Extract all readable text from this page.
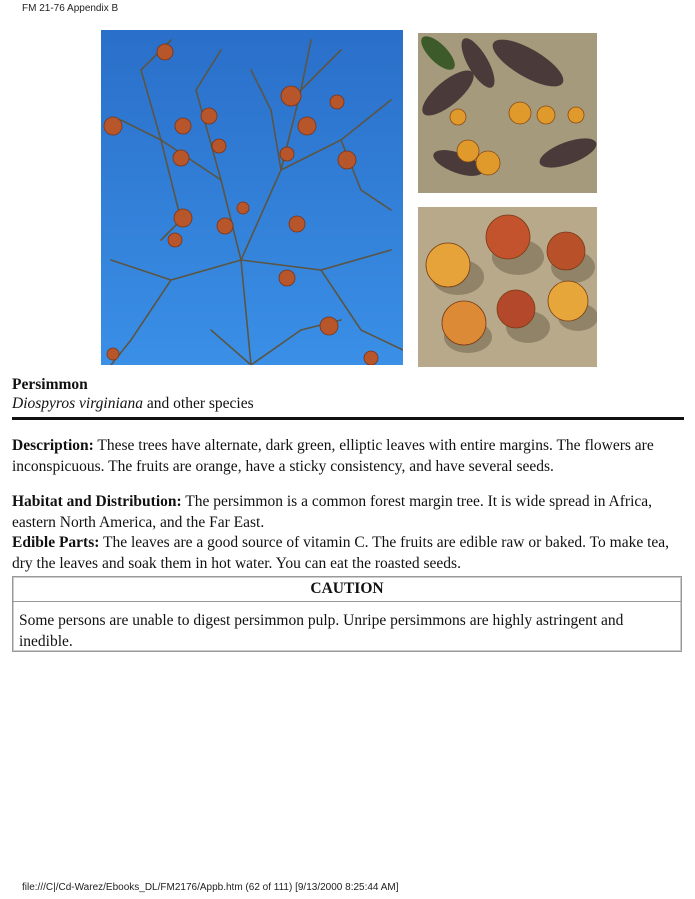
FM 21-76 Appendix B
Persimmon
Diospyros virginiana and other species
Description: These trees have alternate, dark green, elliptic leaves with entire margins. The flowers are inconspicuous. The fruits are orange, have a sticky consistency, and have several seeds.
Habitat and Distribution: The persimmon is a common forest margin tree. It is wide spread in Africa, eastern North America, and the Far East.
Edible Parts: The leaves are a good source of vitamin C. The fruits are edible raw or baked. To make tea, dry the leaves and soak them in hot water. You can eat the roasted seeds.
CAUTION
Some persons are unable to digest persimmon pulp. Unripe persimmons are highly astringent and inedible.
file:///C|/Cd-Warez/Ebooks_DL/FM2176/Appb.htm (62 of 111) [9/13/2000 8:25:44 AM]
